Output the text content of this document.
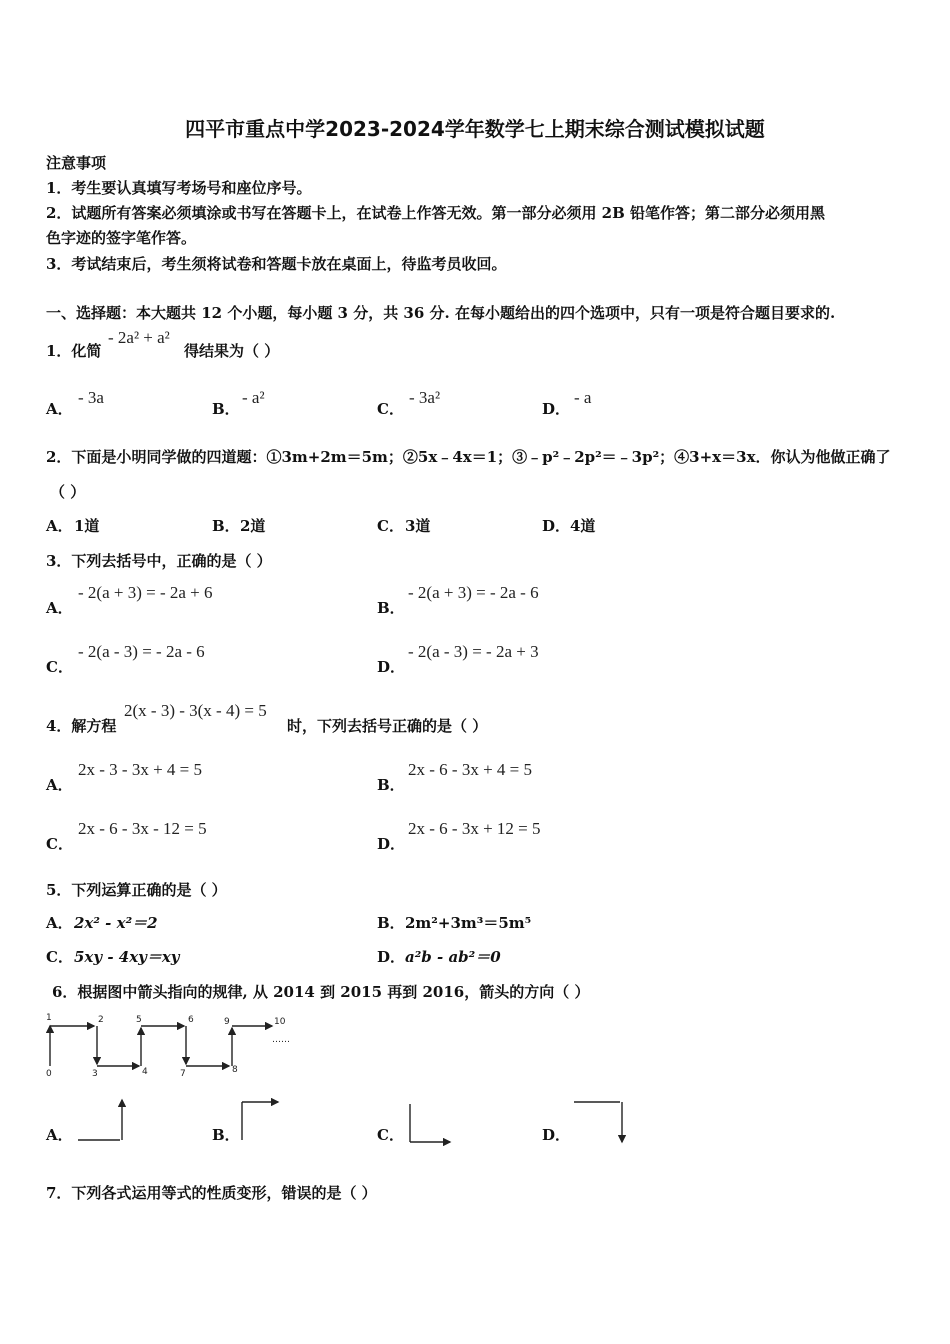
四平市重点中学2023-2024学年数学七上期末综合测试模拟试题
注意事项
1．考生要认真填写考场号和座位序号。
2．试题所有答案必须填涂或书写在答题卡上，在试卷上作答无效。第一部分必须用 2B 铅笔作答；第二部分必须用黑
色字迹的签字笔作答。
3．考试结束后，考生须将试卷和答题卡放在桌面上，待监考员收回。
一、选择题：本大题共 12 个小题，每小题 3 分，共 36 分. 在每小题给出的四个选项中，只有一项是符合题目要求的.
1．化简
- 2a² + a²
得结果为（ ）
A．
- 3a
B．
- a²
C．
- 3a²
D．
- a
2．下面是小明同学做的四道题：①3m+2m＝5m；②5x﹣4x＝1；③﹣p²﹣2p²＝﹣3p²；④3+x＝3x．你认为他做正确了
（ ）
A． 1道	B． 2道	C． 3道	D． 4道
3．下列去括号中，正确的是（ ）
A．
- 2(a + 3) = - 2a + 6
B．
- 2(a + 3) = - 2a - 6
C．
- 2(a - 3) = - 2a - 6
D．
- 2(a - 3) = - 2a + 3
4．解方程
2(x - 3) - 3(x - 4) = 5
时，下列去括号正确的是（ ）
A．
2x - 3 - 3x + 4 = 5
B．
2x - 6 - 3x + 4 = 5
C．
2x - 6 - 3x - 12 = 5
D．
2x - 6 - 3x + 12 = 5
5．下列运算正确的是（ ）
A． 2x² - x²＝2	B． 2m²+3m³＝5m⁵
C． 5xy - 4xy＝xy	D． a²b - ab²＝0
6．根据图中箭头指向的规律, 从 2014 到 2015 再到 2016，箭头的方向（ ）
1	2
0	3	4
5	6
7	8
9	10
……
A．	B．	C．	D．
7．下列各式运用等式的性质变形，错误的是（ ）
